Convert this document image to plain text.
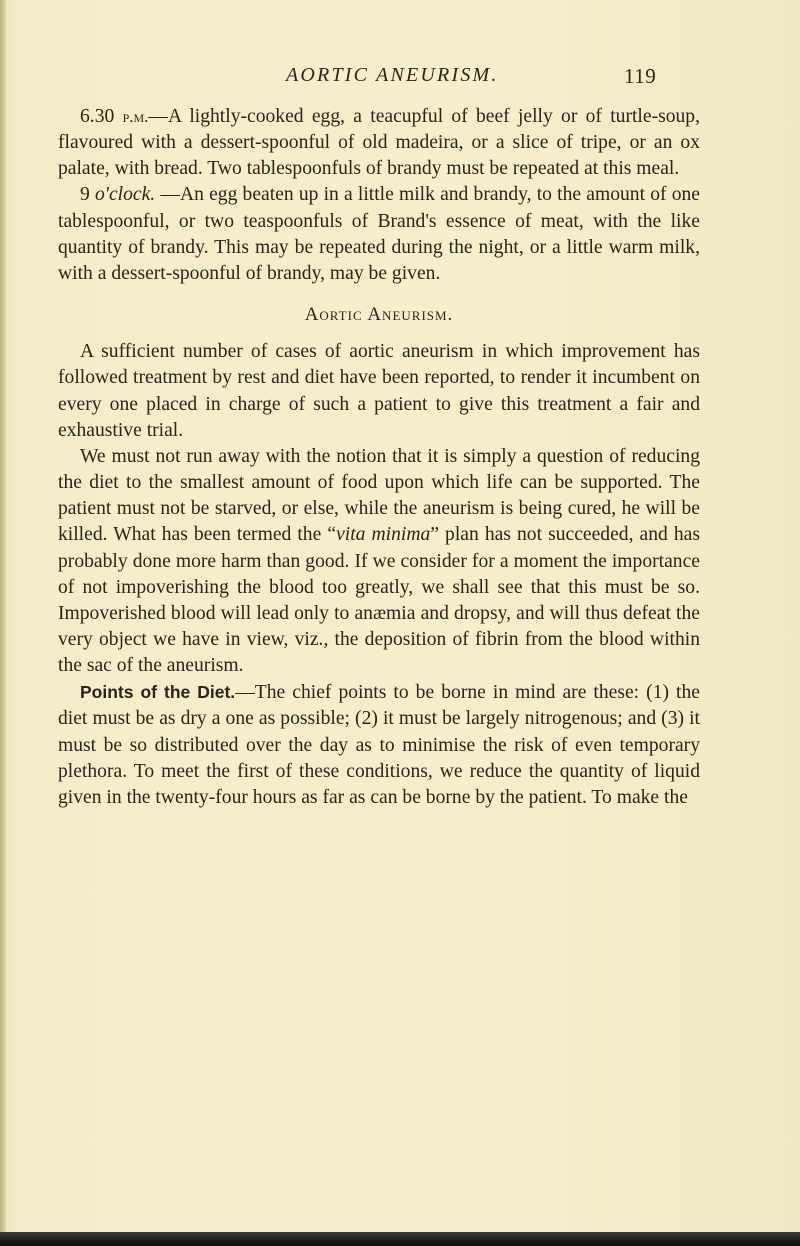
AORTIC ANEURISM.	119

6.30 p.m.—A lightly-cooked egg, a teacupful of beef jelly or of turtle-soup, flavoured with a dessert-spoonful of old madeira, or a slice of tripe, or an ox palate, with bread. Two tablespoonfuls of brandy must be repeated at this meal.

9 o'clock. —An egg beaten up in a little milk and brandy, to the amount of one tablespoonful, or two teaspoonfuls of Brand's essence of meat, with the like quantity of brandy. This may be repeated during the night, or a little warm milk, with a dessert-spoonful of brandy, may be given.

Aortic Aneurism.

A sufficient number of cases of aortic aneurism in which improvement has followed treatment by rest and diet have been reported, to render it incumbent on every one placed in charge of such a patient to give this treatment a fair and exhaustive trial.

We must not run away with the notion that it is simply a question of reducing the diet to the smallest amount of food upon which life can be supported. The patient must not be starved, or else, while the aneurism is being cured, he will be killed. What has been termed the “vita minima” plan has not succeeded, and has probably done more harm than good. If we consider for a moment the importance of not impoverishing the blood too greatly, we shall see that this must be so. Impoverished blood will lead only to anæmia and dropsy, and will thus defeat the very object we have in view, viz., the deposition of fibrin from the blood within the sac of the aneurism.

Points of the Diet.—The chief points to be borne in mind are these: (1) the diet must be as dry a one as possible; (2) it must be largely nitrogenous; and (3) it must be so distributed over the day as to minimise the risk of even temporary plethora. To meet the first of these conditions, we reduce the quantity of liquid given in the twenty-four hours as far as can be borne by the patient. To make the
